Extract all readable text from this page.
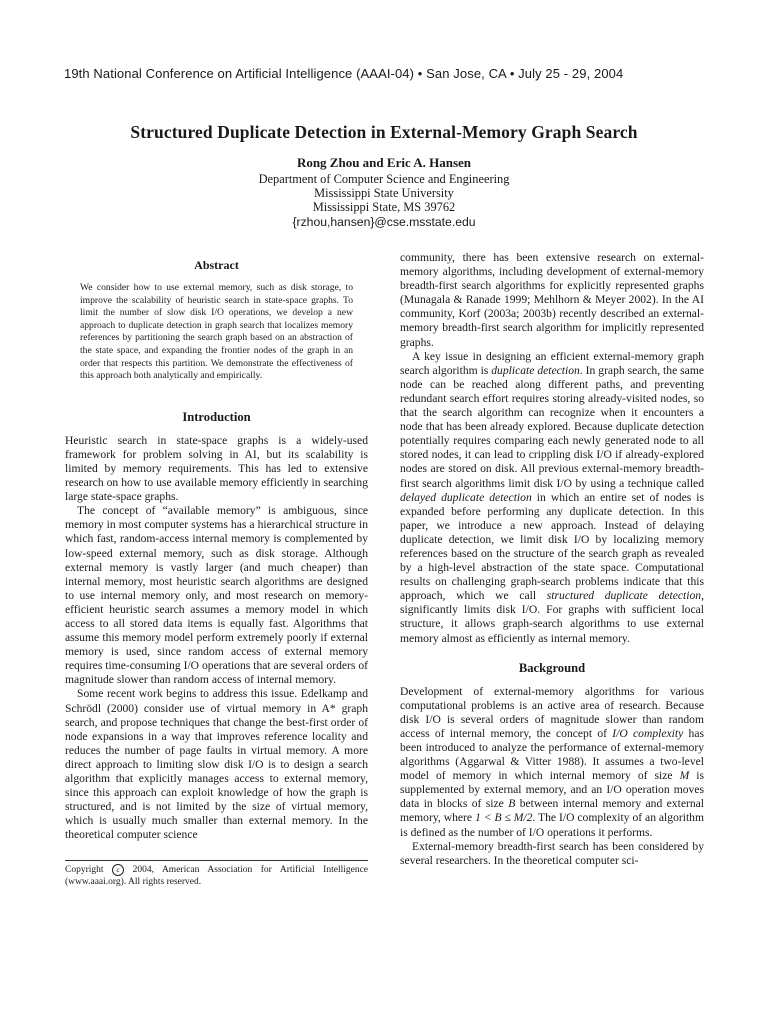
19th National Conference on Artificial Intelligence (AAAI-04) • San Jose, CA • July 25 - 29, 2004
Structured Duplicate Detection in External-Memory Graph Search
Rong Zhou and Eric A. Hansen
Department of Computer Science and Engineering
Mississippi State University
Mississippi State, MS 39762
{rzhou,hansen}@cse.msstate.edu
Abstract
We consider how to use external memory, such as disk storage, to improve the scalability of heuristic search in state-space graphs. To limit the number of slow disk I/O operations, we develop a new approach to duplicate detection in graph search that localizes memory references by partitioning the search graph based on an abstraction of the state space, and expanding the frontier nodes of the graph in an order that respects this partition. We demonstrate the effectiveness of this approach both analytically and empirically.
Introduction

Heuristic search in state-space graphs is a widely-used framework for problem solving in AI, but its scalability is limited by memory requirements. This has led to extensive research on how to use available memory efficiently in searching large state-space graphs.

The concept of “available memory” is ambiguous, since memory in most computer systems has a hierarchical structure in which fast, random-access internal memory is complemented by low-speed external memory, such as disk storage. Although external memory is vastly larger (and much cheaper) than internal memory, most heuristic search algorithms are designed to use internal memory only, and most research on memory-efficient heuristic search assumes a memory model in which access to all stored data items is equally fast. Algorithms that assume this memory model perform extremely poorly if external memory is used, since random access of external memory requires time-consuming I/O operations that are several orders of magnitude slower than random access of internal memory.

Some recent work begins to address this issue. Edelkamp and Schrödl (2000) consider use of virtual memory in A* graph search, and propose techniques that change the best-first order of node expansions in a way that improves reference locality and reduces the number of page faults in virtual memory. A more direct approach to limiting slow disk I/O is to design a search algorithm that explicitly manages access to external memory, since this approach can exploit knowledge of how the graph is structured, and is not limited by the size of virtual memory, which is usually much smaller than external memory. In the theoretical computer science

community, there has been extensive research on external-memory algorithms, including development of external-memory breadth-first search algorithms for explicitly represented graphs (Munagala & Ranade 1999; Mehlhorn & Meyer 2002). In the AI community, Korf (2003a; 2003b) recently described an external-memory breadth-first search algorithm for implicitly represented graphs.

A key issue in designing an efficient external-memory graph search algorithm is duplicate detection. In graph search, the same node can be reached along different paths, and preventing redundant search effort requires storing already-visited nodes, so that the search algorithm can recognize when it encounters a node that has been already explored. Because duplicate detection potentially requires comparing each newly generated node to all stored nodes, it can lead to crippling disk I/O if already-explored nodes are stored on disk. All previous external-memory breadth-first search algorithms limit disk I/O by using a technique called delayed duplicate detection in which an entire set of nodes is expanded before performing any duplicate detection. In this paper, we introduce a new approach. Instead of delaying duplicate detection, we limit disk I/O by localizing memory references based on the structure of the search graph as revealed by a high-level abstraction of the state space. Computational results on challenging graph-search problems indicate that this approach, which we call structured duplicate detection, significantly limits disk I/O. For graphs with sufficient local structure, it allows graph-search algorithms to use external memory almost as efficiently as internal memory.

Background

Development of external-memory algorithms for various computational problems is an active area of research. Because disk I/O is several orders of magnitude slower than random access of internal memory, the concept of I/O complexity has been introduced to analyze the performance of external-memory algorithms (Aggarwal & Vitter 1988). It assumes a two-level model of memory in which internal memory of size M is supplemented by external memory, and an I/O operation moves data in blocks of size B between internal memory and external memory, where 1 < B ≤ M/2. The I/O complexity of an algorithm is defined as the number of I/O operations it performs.

External-memory breadth-first search has been considered by several researchers. In the theoretical computer sci-

Copyright c 2004, American Association for Artificial Intelligence (www.aaai.org). All rights reserved.
